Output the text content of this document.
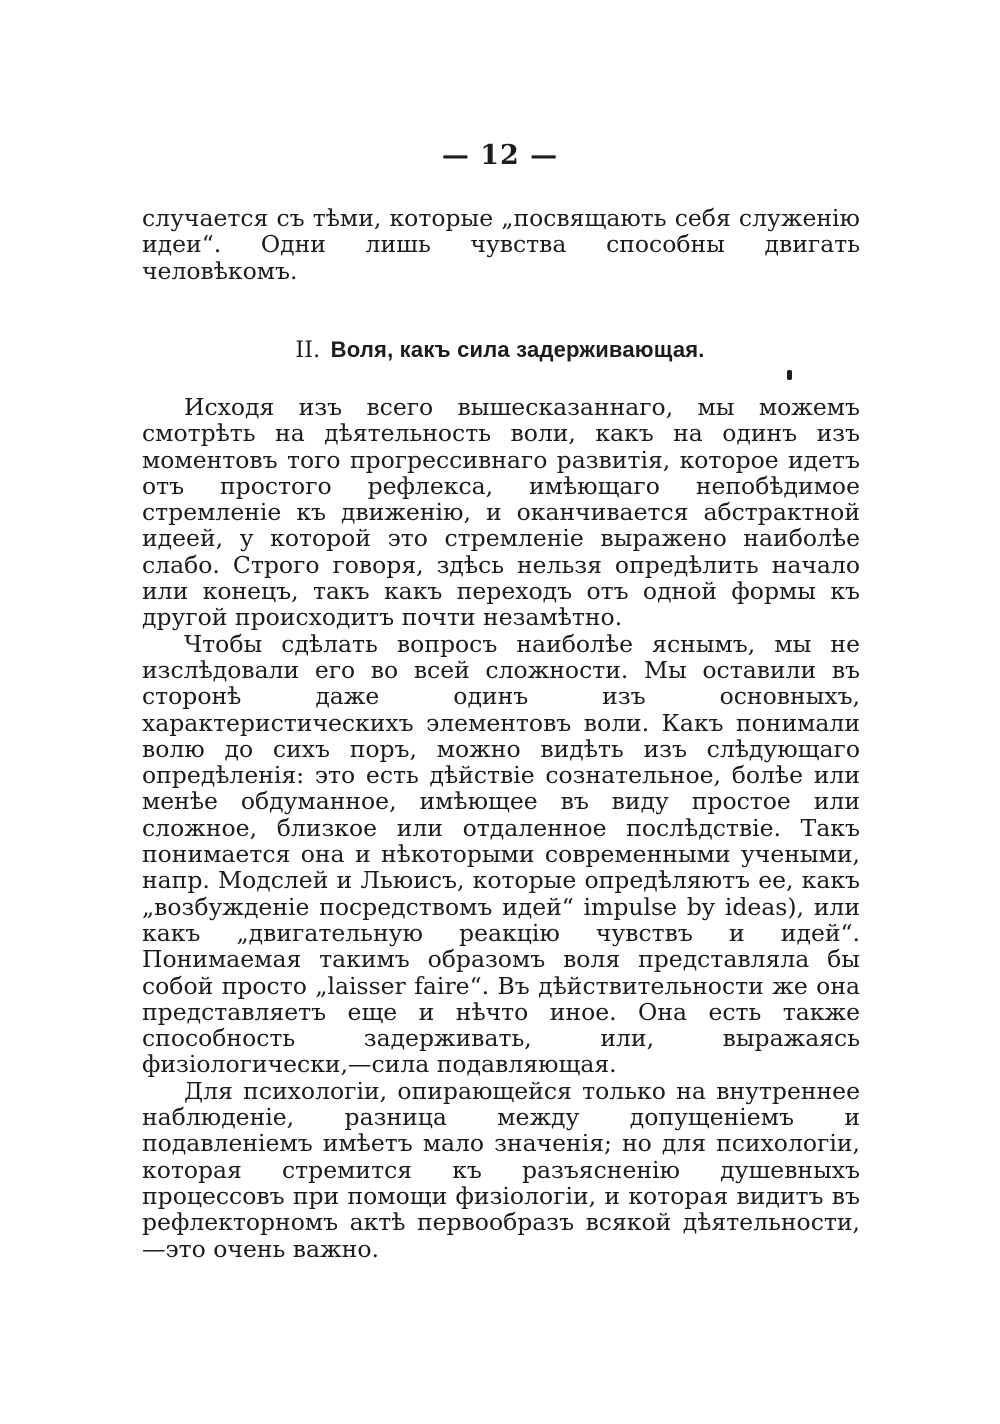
— 12 —

случается съ тѣми, которые „посвящають себя служенію идеи“. Одни лишь чувства способны двигать человѣкомъ.

II. Воля, какъ сила задерживающая.

Исходя изъ всего вышесказаннаго, мы можемъ смотрѣть на дѣятельность воли, какъ на одинъ изъ моментовъ того прогрессивнаго развитія, которое идетъ отъ простого рефлекса, имѣющаго непобѣдимое стремленіе къ движенію, и оканчивается абстрактной идеей, у которой это стремленіе выражено наиболѣе слабо. Строго говоря, здѣсь нельзя опредѣлить начало или конецъ, такъ какъ переходъ отъ одной формы къ другой происходитъ почти незамѣтно.

Чтобы сдѣлать вопросъ наиболѣе яснымъ, мы не изслѣдовали его во всей сложности. Мы оставили въ сторонѣ даже одинъ изъ основныхъ, характеристическихъ элементовъ воли. Какъ понимали волю до сихъ поръ, можно видѣть изъ слѣдующаго опредѣленія: это есть дѣйствіе сознательное, болѣе или менѣе обдуманное, имѣющее въ виду простое или сложное, близкое или отдаленное послѣдствіе. Такъ понимается она и нѣкоторыми современными учеными, напр. Модслей и Льюисъ, которые опредѣляютъ ее, какъ „возбужденіе посредствомъ идей“ impulse by ideas), или какъ „двигательную реакцію чувствъ и идей“. Понимаемая такимъ образомъ воля представляла бы собой просто „laisser faire“. Въ дѣйствительности же она представляетъ еще и нѣчто иное. Она есть также способность задерживать, или, выражаясь физіологически,—сила подавляющая.

Для психологіи, опирающейся только на внутреннее наблюденіе, разница между допущеніемъ и подавленіемъ имѣетъ мало значенія; но для психологіи, которая стремится къ разъясненію душевныхъ процессовъ при помощи физіологіи, и которая видитъ въ рефлекторномъ актѣ первообразъ всякой дѣятельности,—это очень важно.
